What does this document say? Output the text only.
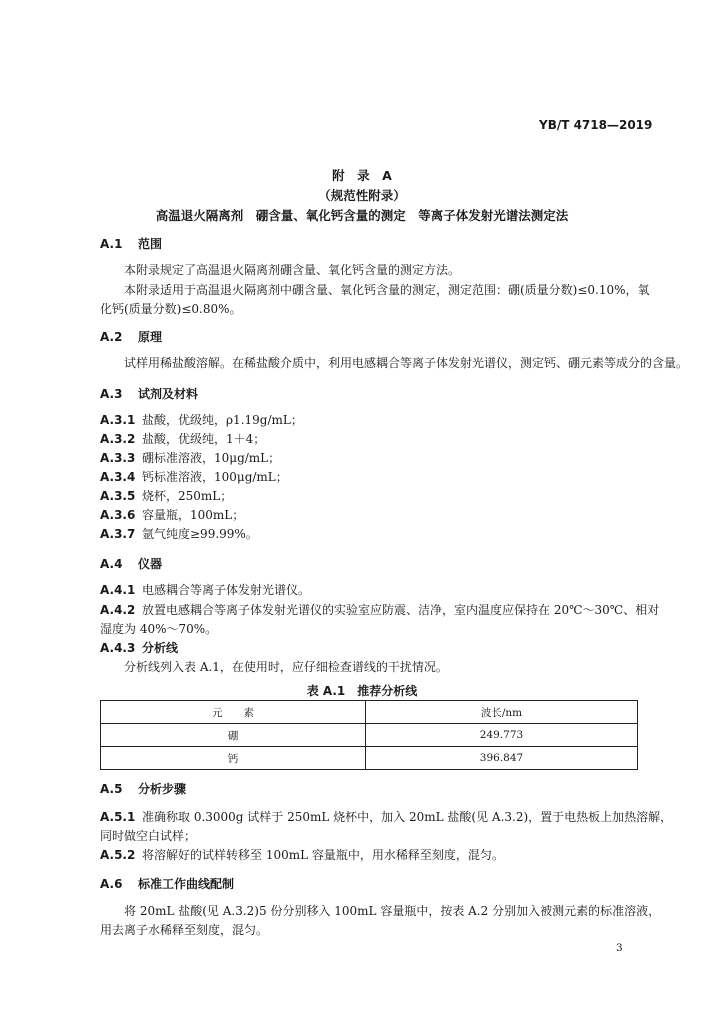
YB/T 4718—2019
附　录　A
（规范性附录）
高温退火隔离剂　硼含量、氧化钙含量的测定　等离子体发射光谱法测定法
A.1 范围
本附录规定了高温退火隔离剂硼含量、氧化钙含量的测定方法。
本附录适用于高温退火隔离剂中硼含量、氧化钙含量的测定，测定范围：硼(质量分数)≤0.10%，氧
化钙(质量分数)≤0.80%。
A.2 原理
试样用稀盐酸溶解。在稀盐酸介质中，利用电感耦合等离子体发射光谱仪，测定钙、硼元素等成分的含量。
A.3 试剂及材料
A.3.1 盐酸，优级纯，ρ1.19g/mL；
A.3.2 盐酸，优级纯，1＋4；
A.3.3 硼标准溶液，10μg/mL；
A.3.4 钙标准溶液，100μg/mL；
A.3.5 烧杯，250mL；
A.3.6 容量瓶，100mL；
A.3.7 氩气纯度≥99.99%。
A.4 仪器
A.4.1 电感耦合等离子体发射光谱仪。
A.4.2 放置电感耦合等离子体发射光谱仪的实验室应防震、洁净，室内温度应保持在 20℃～30℃、相对
湿度为 40%～70%。
A.4.3 分析线
分析线列入表 A.1，在使用时，应仔细检查谱线的干扰情况。
表 A.1　推荐分析线
元　　素	波长/nm
硼	249.773
钙	396.847
A.5 分析步骤
A.5.1 准确称取 0.3000g 试样于 250mL 烧杯中，加入 20mL 盐酸(见 A.3.2)，置于电热板上加热溶解，
同时做空白试样；
A.5.2 将溶解好的试样转移至 100mL 容量瓶中，用水稀释至刻度，混匀。
A.6 标准工作曲线配制
将 20mL 盐酸(见 A.3.2)5 份分别移入 100mL 容量瓶中，按表 A.2 分别加入被测元素的标准溶液，
用去离子水稀释至刻度，混匀。
3
